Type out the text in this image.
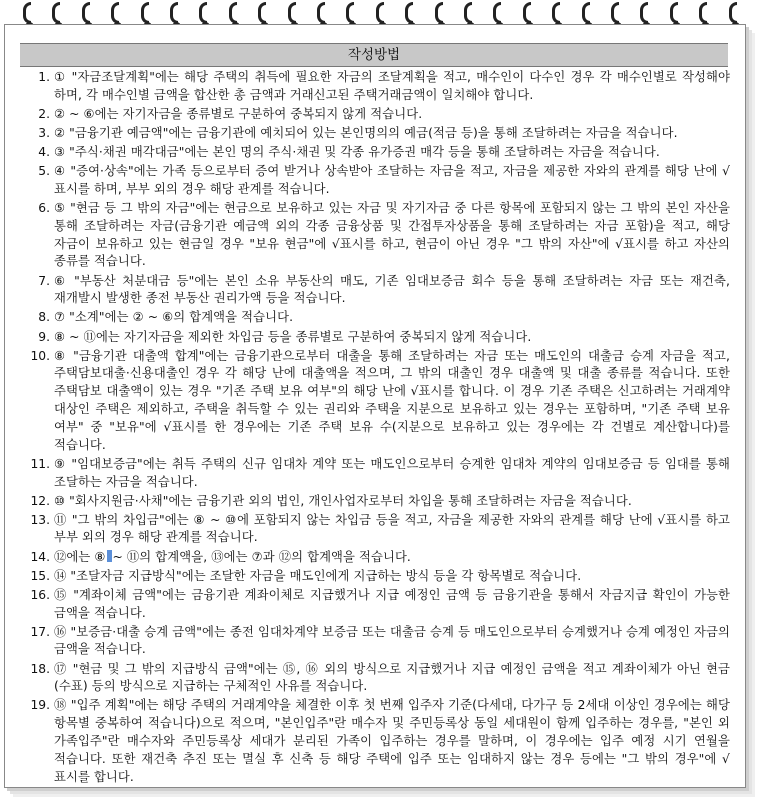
작성방법
1. ① "자금조달계획"에는 해당 주택의 취득에 필요한 자금의 조달계획을 적고, 매수인이 다수인 경우 각 매수인별로 작성해야 하며, 각 매수인별 금액을 합산한 총 금액과 거래신고된 주택거래금액이 일치해야 합니다.
2. ② ~ ⑥에는 자기자금을 종류별로 구분하여 중복되지 않게 적습니다.
3. ② "금융기관 예금액"에는 금융기관에 예치되어 있는 본인명의의 예금(적금 등)을 통해 조달하려는 자금을 적습니다.
4. ③ "주식·채권 매각대금"에는 본인 명의 주식·채권 및 각종 유가증권 매각 등을 통해 조달하려는 자금을 적습니다.
5. ④ "증여·상속"에는 가족 등으로부터 증여 받거나 상속받아 조달하는 자금을 적고, 자금을 제공한 자와의 관계를 해당 난에 √표시를 하며, 부부 외의 경우 해당 관계를 적습니다.
6. ⑤ "현금 등 그 밖의 자금"에는 현금으로 보유하고 있는 자금 및 자기자금 중 다른 항목에 포함되지 않는 그 밖의 본인 자산을 통해 조달하려는 자금(금융기관 예금액 외의 각종 금융상품 및 간접투자상품을 통해 조달하려는 자금 포함)을 적고, 해당 자금이 보유하고 있는 현금일 경우 "보유 현금"에 √표시를 하고, 현금이 아닌 경우 "그 밖의 자산"에 √표시를 하고 자산의 종류를 적습니다.
7. ⑥ "부동산 처분대금 등"에는 본인 소유 부동산의 매도, 기존 임대보증금 회수 등을 통해 조달하려는 자금 또는 재건축, 재개발시 발생한 종전 부동산 권리가액 등을 적습니다.
8. ⑦ "소계"에는 ② ~ ⑥의 합계액을 적습니다.
9. ⑧ ~ ⑪에는 자기자금을 제외한 차입금 등을 종류별로 구분하여 중복되지 않게 적습니다.
10. ⑧ "금융기관 대출액 합계"에는 금융기관으로부터 대출을 통해 조달하려는 자금 또는 매도인의 대출금 승계 자금을 적고, 주택담보대출·신용대출인 경우 각 해당 난에 대출액을 적으며, 그 밖의 대출인 경우 대출액 및 대출 종류를 적습니다. 또한 주택담보 대출액이 있는 경우 "기존 주택 보유 여부"의 해당 난에 √표시를 합니다. 이 경우 기존 주택은 신고하려는 거래계약 대상인 주택은 제외하고, 주택을 취득할 수 있는 권리와 주택을 지분으로 보유하고 있는 경우는 포함하며, "기존 주택 보유 여부" 중 "보유"에 √표시를 한 경우에는 기존 주택 보유 수(지분으로 보유하고 있는 경우에는 각 건별로 계산합니다)를 적습니다.
11. ⑨ "임대보증금"에는 취득 주택의 신규 임대차 계약 또는 매도인으로부터 승계한 임대차 계약의 임대보증금 등 임대를 통해 조달하는 자금을 적습니다.
12. ⑩ "회사지원금·사채"에는 금융기관 외의 법인, 개인사업자로부터 차입을 통해 조달하려는 자금을 적습니다.
13. ⑪ "그 밖의 차입금"에는 ⑧ ~ ⑩에 포함되지 않는 차입금 등을 적고, 자금을 제공한 자와의 관계를 해당 난에 √표시를 하고 부부 외의 경우 해당 관계를 적습니다.
14. ⑫에는 ⑧ ~ ⑪의 합계액을, ⑬에는 ⑦과 ⑫의 합계액을 적습니다.
15. ⑭ "조달자금 지급방식"에는 조달한 자금을 매도인에게 지급하는 방식 등을 각 항목별로 적습니다.
16. ⑮ "계좌이체 금액"에는 금융기관 계좌이체로 지급했거나 지급 예정인 금액 등 금융기관을 통해서 자금지급 확인이 가능한 금액을 적습니다.
17. ⑯ "보증금·대출 승계 금액"에는 종전 임대차계약 보증금 또는 대출금 승계 등 매도인으로부터 승계했거나 승계 예정인 자금의 금액을 적습니다.
18. ⑰ "현금 및 그 밖의 지급방식 금액"에는 ⑮, ⑯ 외의 방식으로 지급했거나 지급 예정인 금액을 적고 계좌이체가 아닌 현금(수표) 등의 방식으로 지급하는 구체적인 사유를 적습니다.
19. ⑱ "입주 계획"에는 해당 주택의 거래계약을 체결한 이후 첫 번째 입주자 기준(다세대, 다가구 등 2세대 이상인 경우에는 해당 항목별 중복하여 적습니다)으로 적으며, "본인입주"란 매수자 및 주민등록상 동일 세대원이 함께 입주하는 경우를, "본인 외 가족입주"란 매수자와 주민등록상 세대가 분리된 가족이 입주하는 경우를 말하며, 이 경우에는 입주 예정 시기 연월을 적습니다. 또한 재건축 추진 또는 멸실 후 신축 등 해당 주택에 입주 또는 임대하지 않는 경우 등에는 "그 밖의 경우"에 √표시를 합니다.
